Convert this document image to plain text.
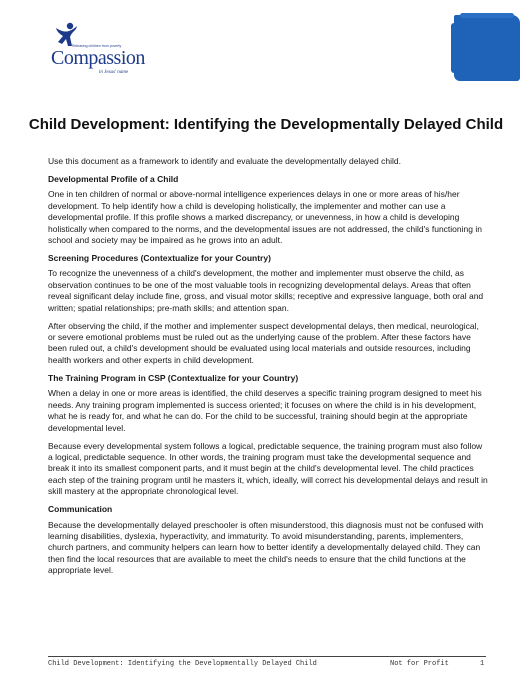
Releasing children from poverty
Compassion
in Jesus' name
Child Development: Identifying the Developmentally Delayed Child

Use this document as a framework to identify and evaluate the developmentally delayed child.

Developmental Profile of a Child

One in ten children of normal or above-normal intelligence experiences delays in one or more areas of his/her development. To help identify how a child is developing holistically, the implementer and mother can use a developmental profile. If this profile shows a marked discrepancy, or unevenness, in how a child is developing holistically when compared to the norms, and the developmental issues are not addressed, the child's functioning in school and society may be impaired as he grows into an adult.

Screening Procedures (Contextualize for your Country)

To recognize the unevenness of a child's development, the mother and implementer must observe the child, as observation continues to be one of the most valuable tools in recognizing developmental delays. Areas that often reveal significant delay include fine, gross, and visual motor skills; receptive and expressive language, both oral and written; spatial relationships; pre-math skills; and attention span.

After observing the child, if the mother and implementer suspect developmental delays, then medical, neurological, or severe emotional problems must be ruled out as the underlying cause of the problem. After these factors have been ruled out, a child's development should be evaluated using local materials and outside resources, including health workers and other experts in child development.

The Training Program in CSP (Contextualize for your Country)

When a delay in one or more areas is identified, the child deserves a specific training program designed to meet his needs. Any training program implemented is success oriented; it focuses on where the child is in his development, what he is ready for, and what he can do. For the child to be successful, training should begin at the appropriate developmental level.

Because every developmental system follows a logical, predictable sequence, the training program must also follow a logical, predictable sequence. In other words, the training program must take the developmental sequence and break it into its smallest component parts, and it must begin at the child's developmental level. The child practices each step of the training program until he masters it, which, ideally, will correct his developmental delays and result in skill mastery at the appropriate chronological level.

Communication

Because the developmentally delayed preschooler is often misunderstood, this diagnosis must not be confused with learning disabilities, dyslexia, hyperactivity, and immaturity. To avoid misunderstanding, parents, implementers, church partners, and community helpers can learn how to better identify a developmentally delayed child. They can then find the local resources that are available to meet the child's needs to ensure that the child functions at the appropriate level.

Child Development: Identifying the Developmentally Delayed Child	Not for Profit	1
